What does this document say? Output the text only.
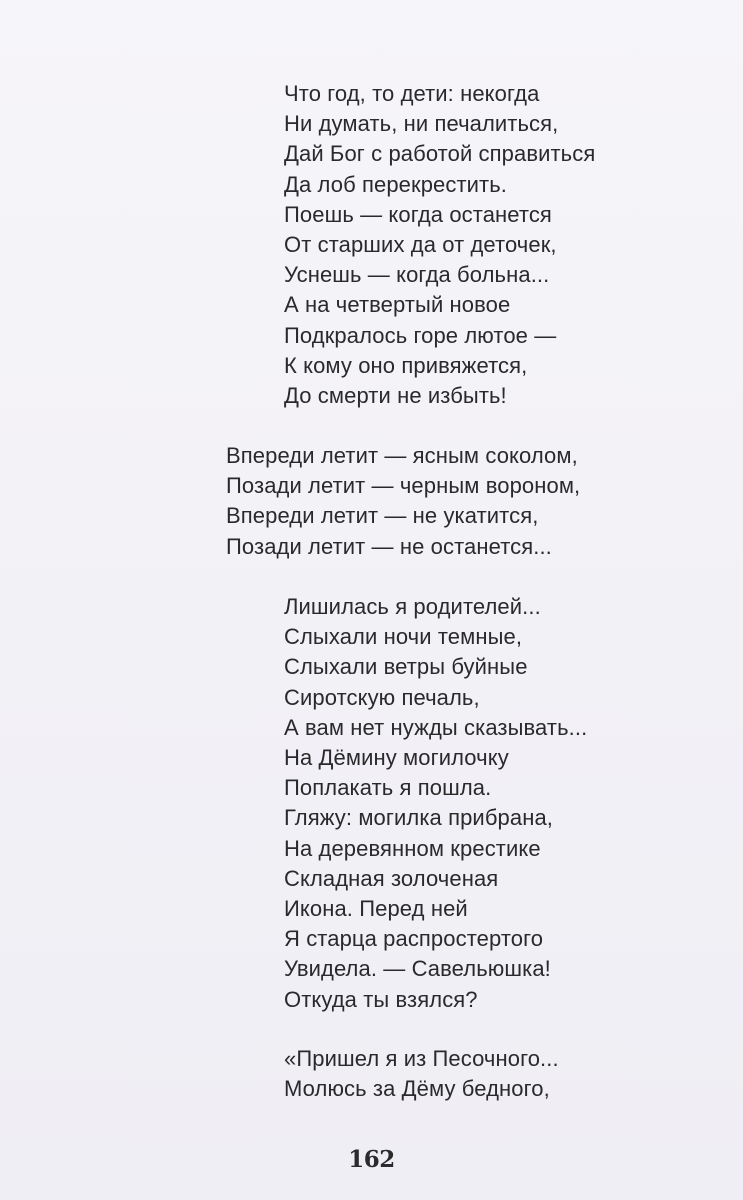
Что год, то дети: некогда
Ни думать, ни печалиться,
Дай Бог с работой справиться
Да лоб перекрестить.
Поешь — когда останется
От старших да от деточек,
Уснешь — когда больна...
А на четвертый новое
Подкралось горе лютое —
К кому оно привяжется,
До смерти не избыть!
Впереди летит — ясным соколом,
Позади летит — черным вороном,
Впереди летит — не укатится,
Позади летит — не останется...
Лишилась я родителей...
Слыхали ночи темные,
Слыхали ветры буйные
Сиротскую печаль,
А вам нет нужды сказывать...
На Дёмину могилочку
Поплакать я пошла.
Гляжу: могилка прибрана,
На деревянном крестике
Складная золоченая
Икона. Перед ней
Я старца распростертого
Увидела. — Савельюшка!
Откуда ты взялся?
«Пришел я из Песочного...
Молюсь за Дёму бедного,
162
